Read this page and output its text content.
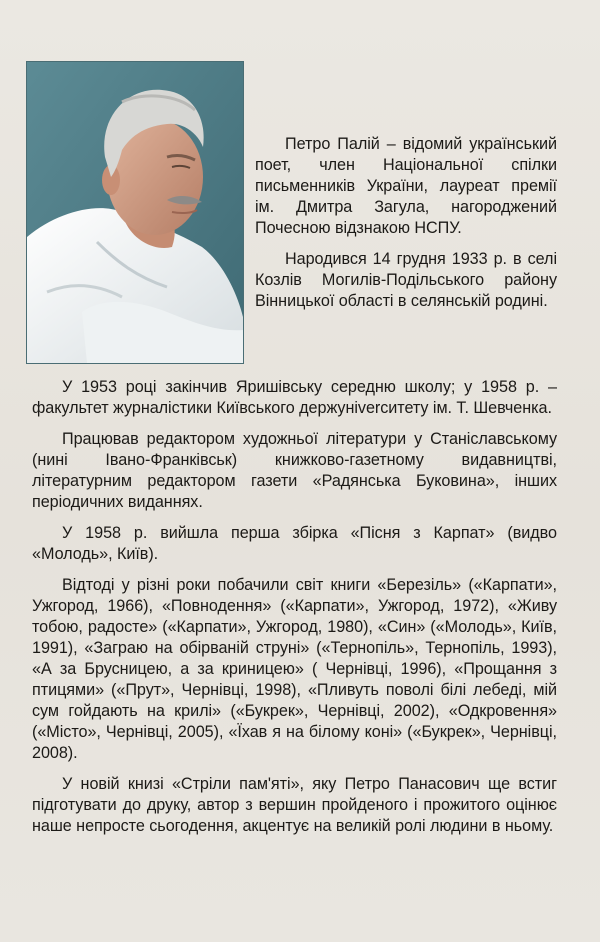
Петро Палій – відомий український поет, член Національної спілки письменників України, лауреат премії ім. Дмитра Загула, нагороджений Почесною відзнакою НСПУ.

Народився 14 грудня 1933 р. в селі Козлів Могилів-Подільського району Вінницької області в селянській родині.

У 1953 році закінчив Яришівську середню школу; у 1958 р. – факультет журналістики Київського держуніverситету ім. Т. Шевченка.

Працював редактором художньої літератури у Станіславському (нині Івано-Франківськ) книжково-газетному видавництві, літературним редактором газети «Радянська Буковина», інших періодичних виданнях.

У 1958 р. вийшла перша збірка «Пісня з Карпат» (видво «Молодь», Київ).

Відтоді у різні роки побачили світ книги «Березіль» («Карпати», Ужгород, 1966), «Повнодення» («Карпати», Ужгород, 1972), «Живу тобою, радосте» («Карпати», Ужгород, 1980), «Син» («Молодь», Київ, 1991), «Заграю на обірваній струні» («Тернопіль», Тернопіль, 1993), «А за Брусницею, а за криницею» ( Чернівці, 1996), «Прощання з птицями» («Прут», Чернівці, 1998), «Пливуть поволі білі лебеді, мій сум гойдають на крилі» («Букрек», Чернівці, 2002), «Одкровення» («Місто», Чернівці, 2005), «Їхав я на білому коні» («Букрек», Чернівці, 2008).

У новій книзі «Стріли пам'яті», яку Петро Панасович ще встиг підготувати до друку, автор з вершин пройденого і прожитого оцінює наше непросте сьогодення, акцентує на великій ролі людини в ньому.
